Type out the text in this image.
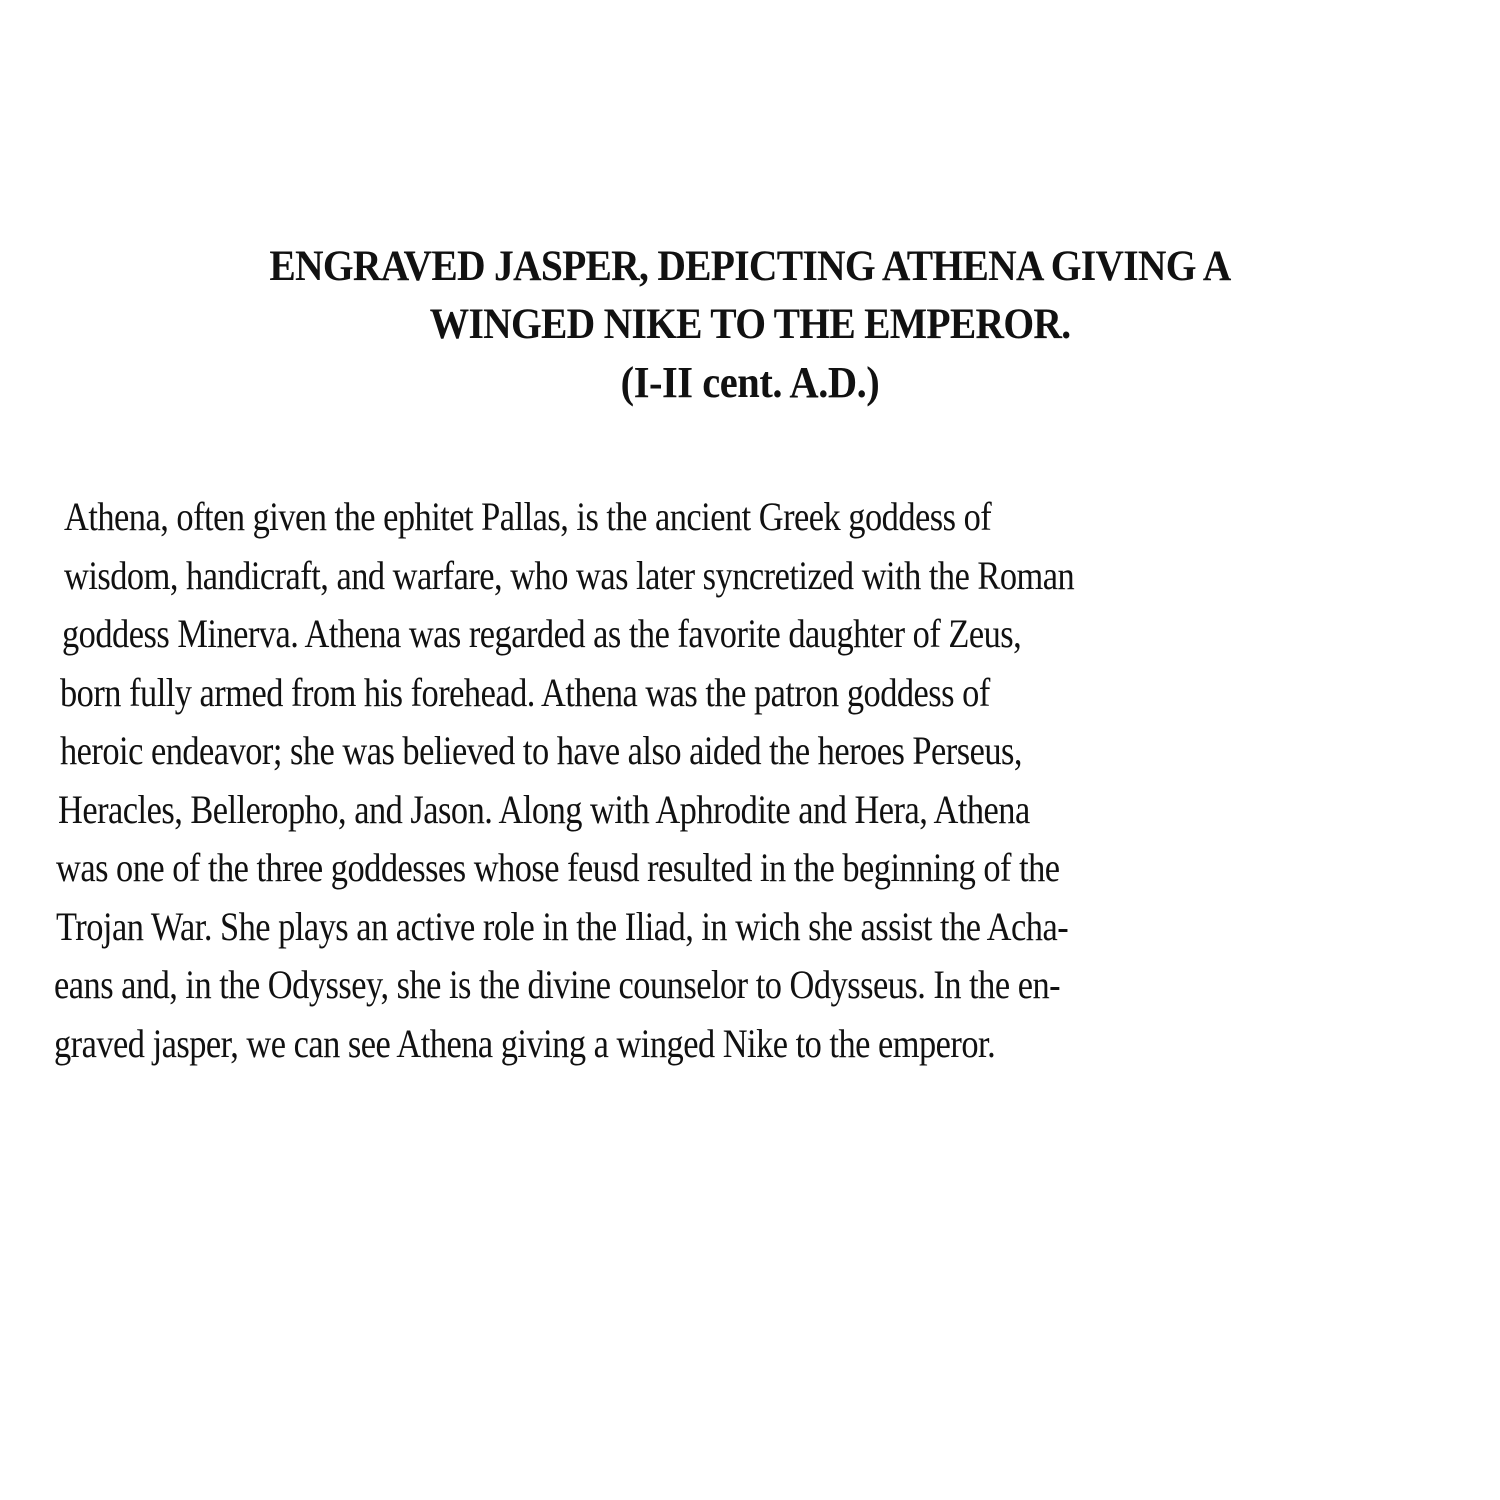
ENGRAVED JASPER, DEPICTING ATHENA GIVING A
WINGED NIKE TO THE EMPEROR.
(I-II cent. A.D.)
Athena, often given the ephitet Pallas, is the ancient Greek goddess of
wisdom, handicraft, and warfare, who was later syncretized with the Roman
goddess Minerva. Athena was regarded as the favorite daughter of Zeus,
born fully armed from his forehead. Athena was the patron goddess of
heroic endeavor; she was believed to have also aided the heroes Perseus,
Heracles, Belleropho, and Jason. Along with Aphrodite and Hera, Athena
was one of the three goddesses whose feusd resulted in the beginning of the
Trojan War. She plays an active role in the Iliad, in wich she assist the Acha-
eans and, in the Odyssey, she is the divine counselor to Odysseus. In the en-
graved jasper, we can see Athena giving a winged Nike to the emperor.
